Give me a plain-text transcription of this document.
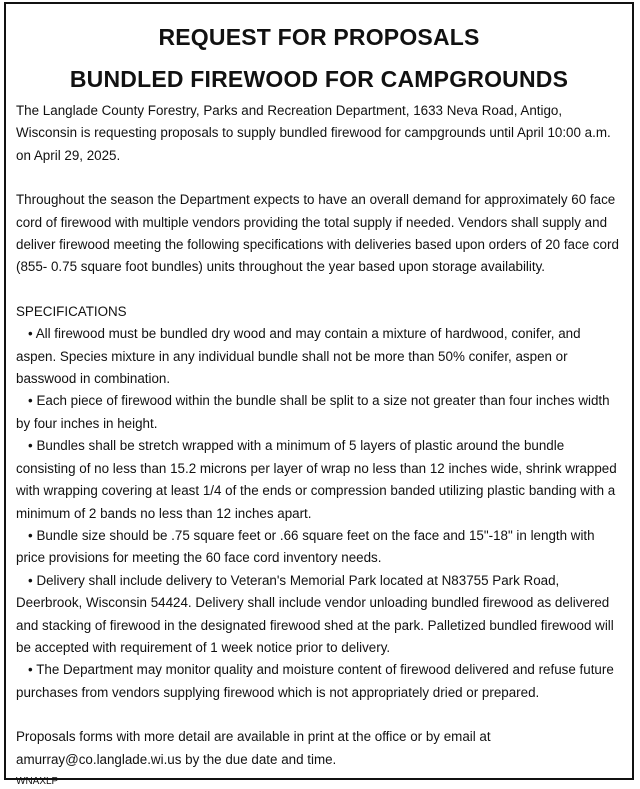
REQUEST FOR PROPOSALS
BUNDLED FIREWOOD FOR CAMPGROUNDS

The Langlade County Forestry, Parks and Recreation Department, 1633 Neva Road, Antigo, Wisconsin is requesting proposals to supply bundled firewood for campgrounds until April 10:00 a.m. on April 29, 2025.

Throughout the season the Department expects to have an overall demand for approximately 60 face cord of firewood with multiple vendors providing the total supply if needed. Vendors shall supply and deliver firewood meeting the following specifications with deliveries based upon orders of 20 face cord (855- 0.75 square foot bundles) units throughout the year based upon storage availability.

SPECIFICATIONS

• All firewood must be bundled dry wood and may contain a mixture of hardwood, conifer, and aspen. Species mixture in any individual bundle shall not be more than 50% conifer, aspen or basswood in combination.

• Each piece of firewood within the bundle shall be split to a size not greater than four inches width by four inches in height.

• Bundles shall be stretch wrapped with a minimum of 5 layers of plastic around the bundle consisting of no less than 15.2 microns per layer of wrap no less than 12 inches wide, shrink wrapped with wrapping covering at least 1/4 of the ends or compression banded utilizing plastic banding with a minimum of 2 bands no less than 12 inches apart.

• Bundle size should be .75 square feet or .66 square feet on the face and 15"-18" in length with price provisions for meeting the 60 face cord inventory needs.

• Delivery shall include delivery to Veteran's Memorial Park located at N83755 Park Road, Deerbrook, Wisconsin 54424. Delivery shall include vendor unloading bundled firewood as delivered and stacking of firewood in the designated firewood shed at the park. Palletized bundled firewood will be accepted with requirement of 1 week notice prior to delivery.

• The Department may monitor quality and moisture content of firewood delivered and refuse future purchases from vendors supplying firewood which is not appropriately dried or prepared.

Proposals forms with more detail are available in print at the office or by email at amurray@co.langlade.wi.us by the due date and time.

WNAXLP
